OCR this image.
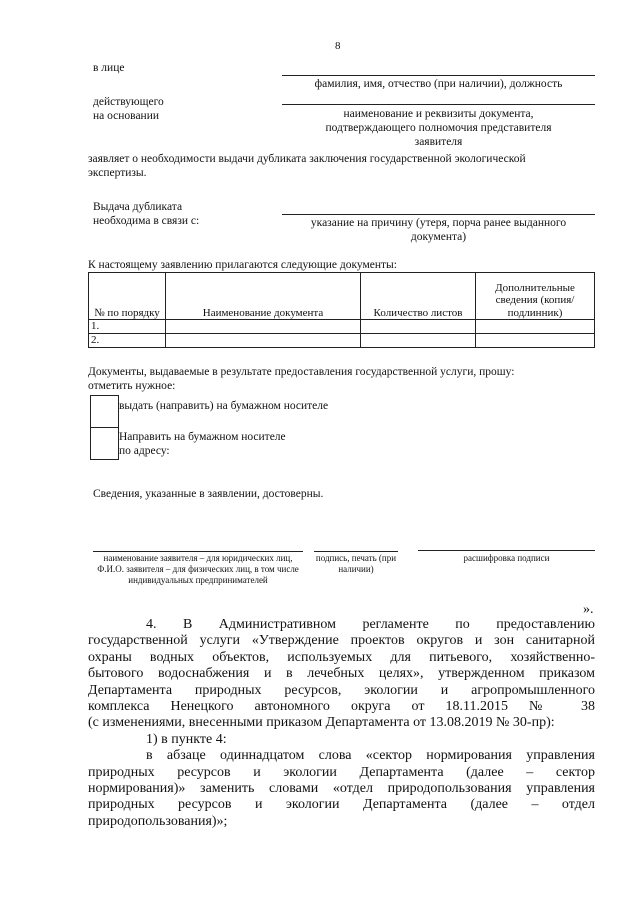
8
в лице
фамилия, имя, отчество (при наличии), должность
действующего
на основании	наименование и реквизиты документа,
подтверждающего полномочия представителя
заявителя
заявляет о необходимости выдачи дубликата заключения государственной экологической
экспертизы.
Выдача дубликата
необходима в связи с:	указание на причину (утеря, порча ранее выданного
документа)
К настоящему заявлению прилагаются следующие документы:
№ по порядку	Наименование документа	Количество листов	Дополнительные сведения (копия/подлинник)
1.			
2.			
Документы, выдаваемые в результате предоставления государственной услуги, прошу:
отметить нужное:
выдать (направить) на бумажном носителе
Направить на бумажном носителе
по адресу:
Сведения, указанные в заявлении, достоверны.
наименование заявителя – для юридических лиц, Ф.И.О. заявителя – для физических лиц, в том числе индивидуальных предпринимателей
подпись, печать (при наличии)
расшифровка подписи
».
4. В Административном регламенте по предоставлению
государственной услуги «Утверждение проектов округов и зон санитарной
охраны водных объектов, используемых для питьевого, хозяйственно-
бытового водоснабжения и в лечебных целях», утвержденном приказом
Департамента природных ресурсов, экологии и агропромышленного
комплекса Ненецкого автономного округа от 18.11.2015 № 38
(с изменениями, внесенными приказом Департамента от 13.08.2019 № 30-пр):
1) в пункте 4:
в абзаце одиннадцатом слова «сектор нормирования управления
природных ресурсов и экологии Департамента (далее – сектор
нормирования)» заменить словами «отдел природопользования управления
природных ресурсов и экологии Департамента (далее – отдел
природопользования)»;
